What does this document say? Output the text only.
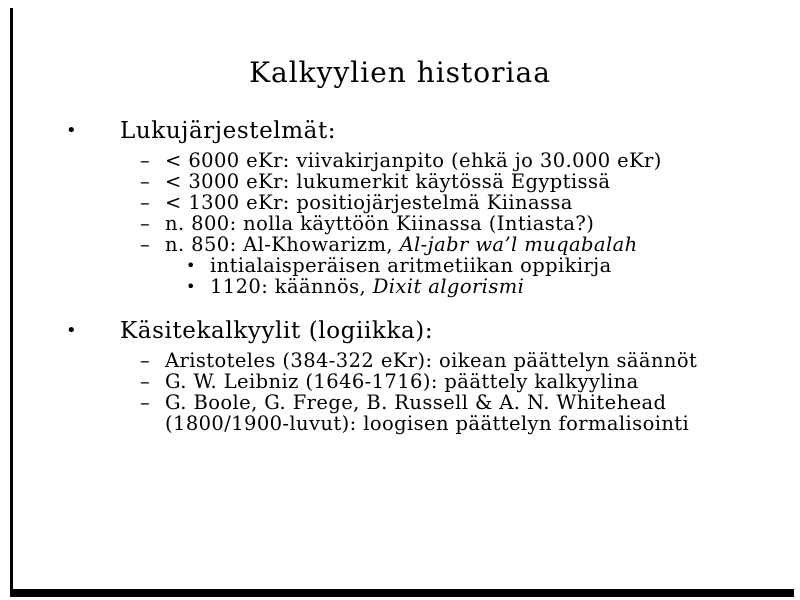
Kalkyylien historiaa
•	Lukujärjestelmät:
– < 6000 eKr: viivakirjanpito (ehkä jo 30.000 eKr)
– < 3000 eKr: lukumerkit käytössä Egyptissä
– < 1300 eKr: positiojärjestelmä Kiinassa
– n. 800: nolla käyttöön Kiinassa (Intiasta?)
– n. 850: Al-Khowarizm, Al-jabr wa’l muqabalah
• intialaisperäisen aritmetiikan oppikirja
• 1120: käännös, Dixit algorismi
•	Käsitekalkyylit (logiikka):
– Aristoteles (384-322 eKr): oikean päättelyn säännöt
– G. W. Leibniz (1646-1716): päättely kalkyylina
– G. Boole, G. Frege, B. Russell & A. N. Whitehead
(1800/1900-luvut): loogisen päättelyn formalisointi
